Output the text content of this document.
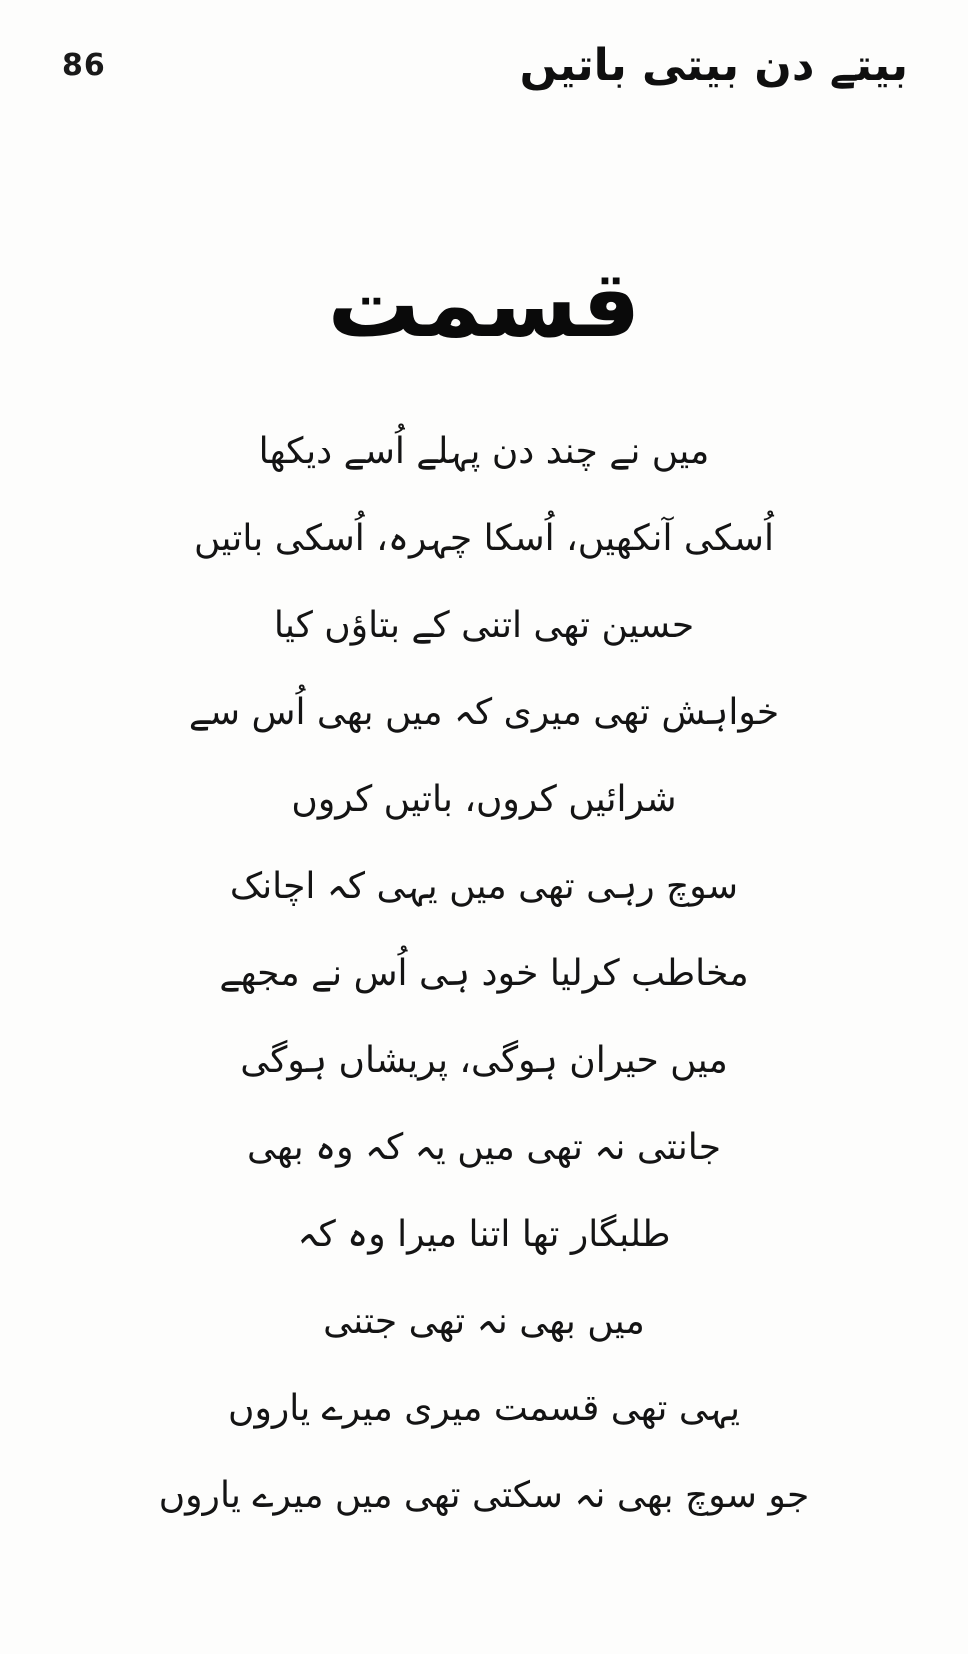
86	بیتے دن بیتی باتیں
قسمت
میں نے چند دن پہلے اُسے دیکھا
اُسکی آنکھیں، اُسکا چہرہ، اُسکی باتیں
حسین تھی اتنی کے بتاؤں کیا
خواہش تھی میری کہ میں بھی اُس سے
شرائیں کروں، باتیں کروں
سوچ رہی تھی میں یہی کہ اچانک
مخاطب کرلیا خود ہی اُس نے مجھے
میں حیران ہوگی، پریشاں ہوگی
جانتی نہ تھی میں یہ کہ وہ بھی
طلبگار تھا اتنا میرا وہ کہ
میں بھی نہ تھی جتنی
یہی تھی قسمت میری میرے یاروں
جو سوچ بھی نہ سکتی تھی میں میرے یاروں
